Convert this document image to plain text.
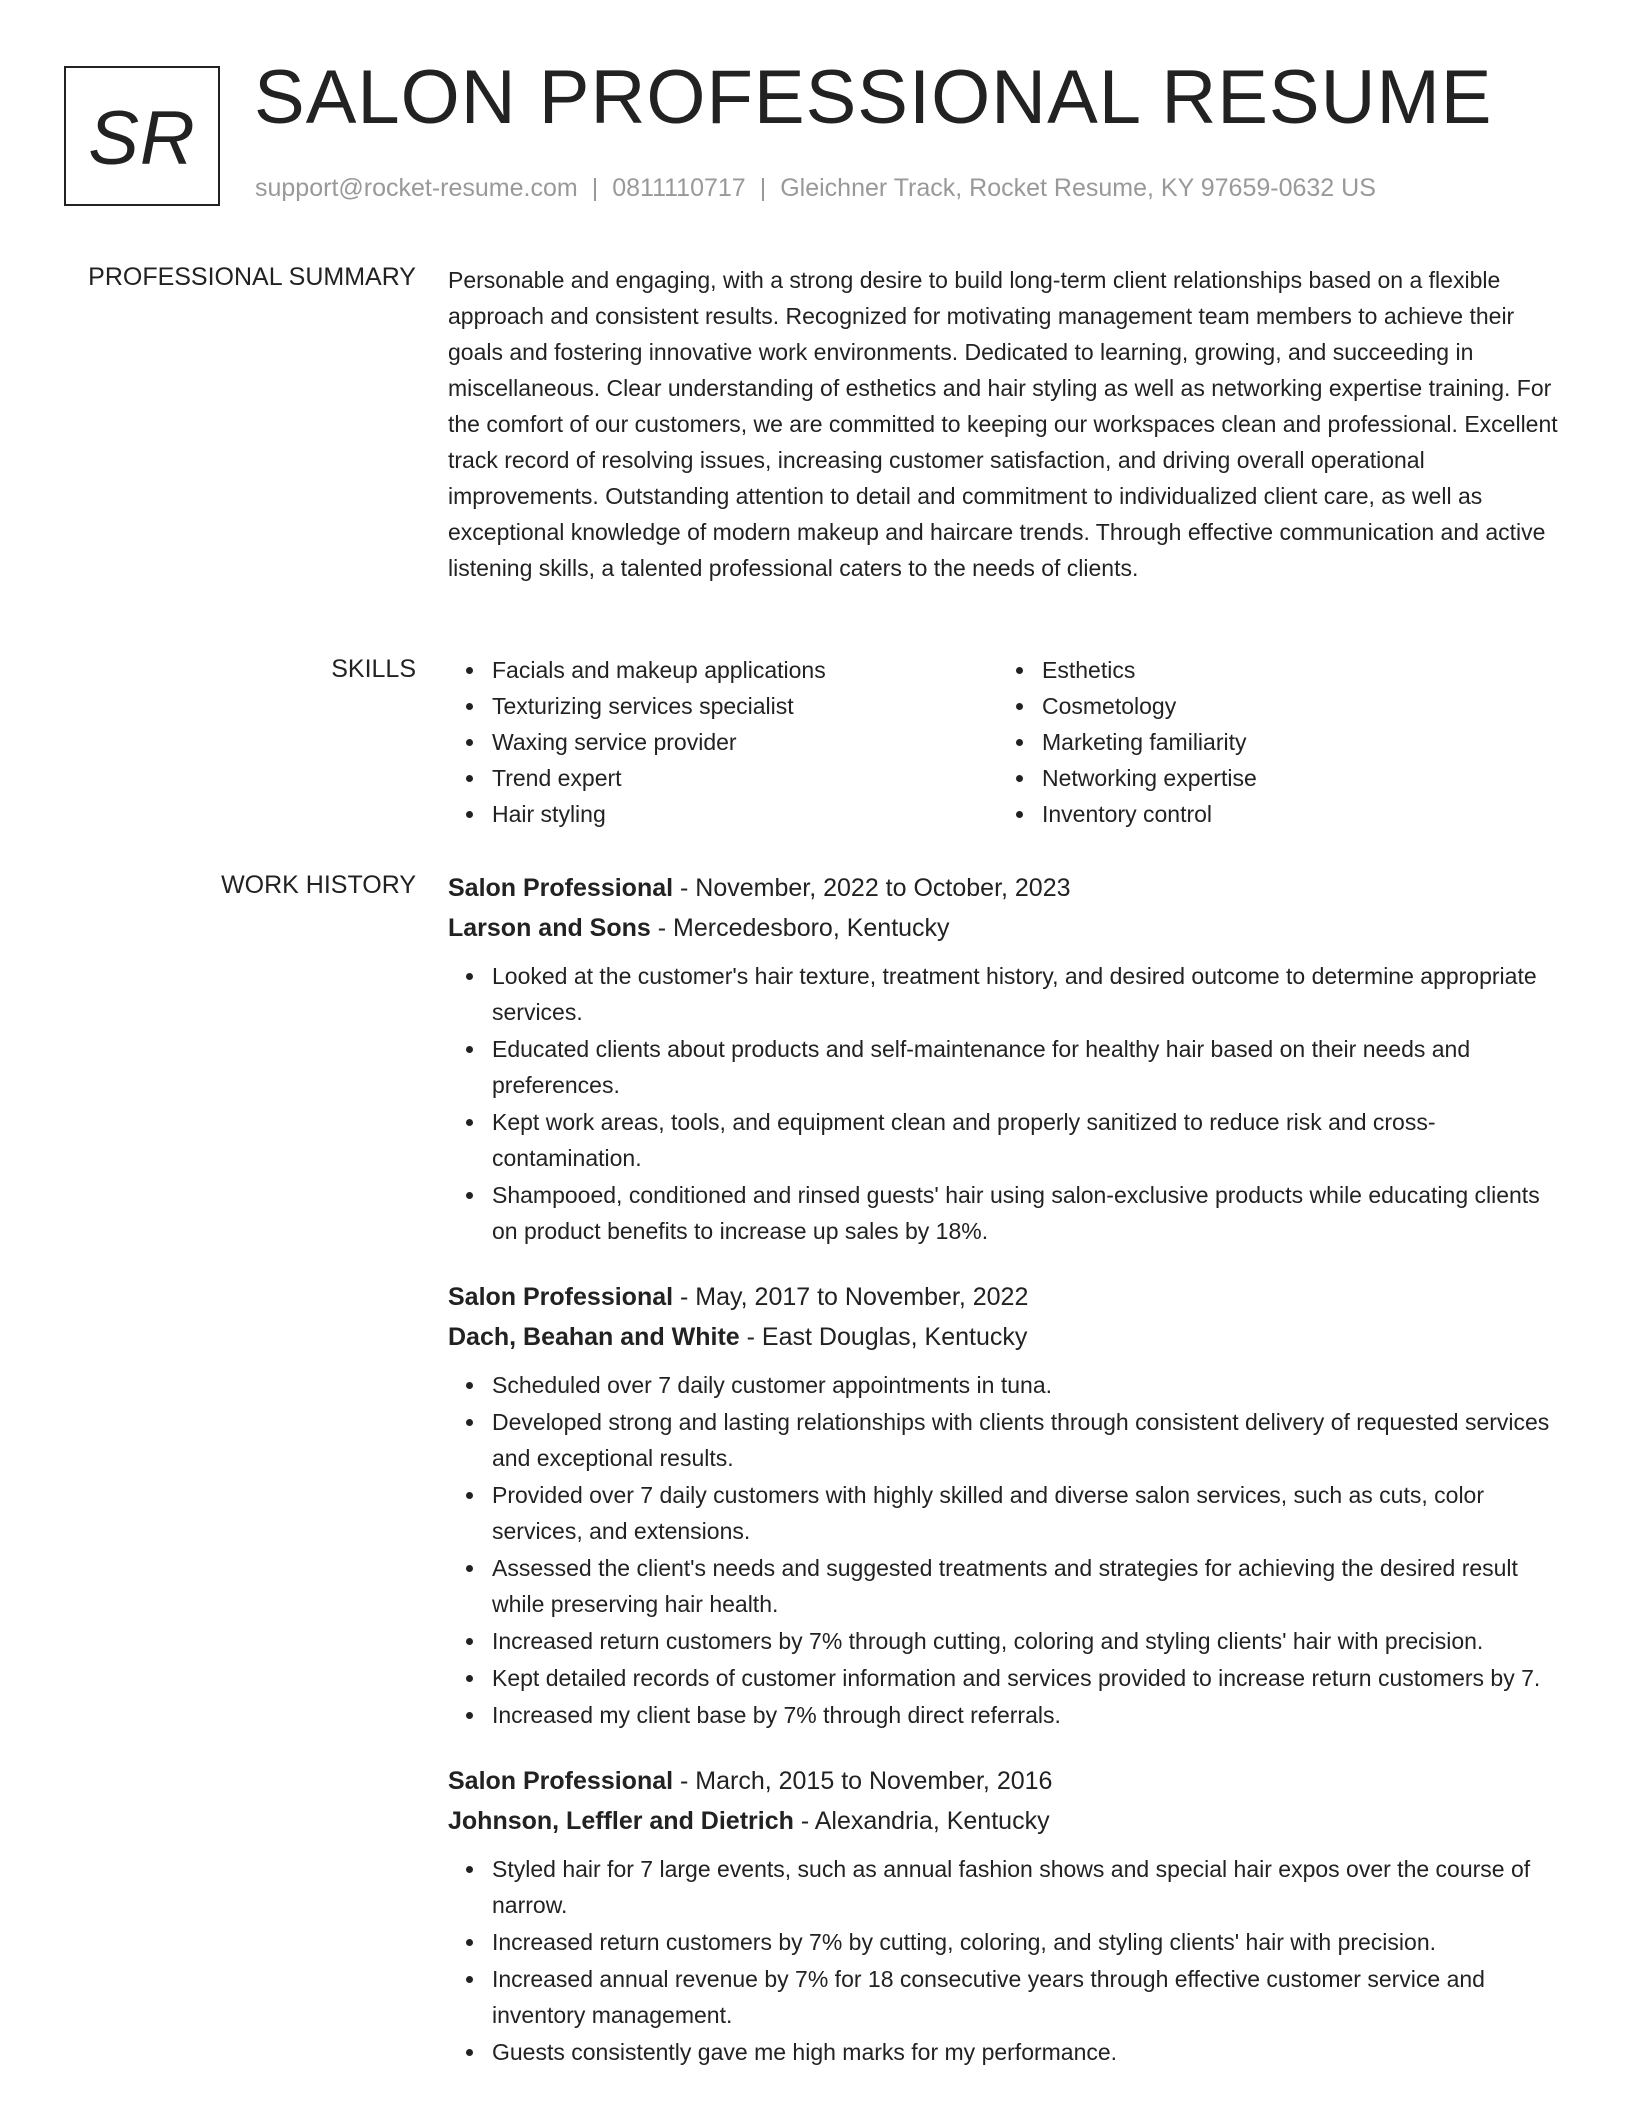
SR SALON PROFESSIONAL RESUME
support@rocket-resume.com | 0811110717 | Gleichner Track, Rocket Resume, KY 97659-0632 US
PROFESSIONAL SUMMARY Personable and engaging, with a strong desire to build long-term client relationships based on a flexible approach and consistent results. Recognized for motivating management team members to achieve their goals and fostering innovative work environments. Dedicated to learning, growing, and succeeding in miscellaneous. Clear understanding of esthetics and hair styling as well as networking expertise training. For the comfort of our customers, we are committed to keeping our workspaces clean and professional. Excellent track record of resolving issues, increasing customer satisfaction, and driving overall operational improvements. Outstanding attention to detail and commitment to individualized client care, as well as exceptional knowledge of modern makeup and haircare trends. Through effective communication and active listening skills, a talented professional caters to the needs of clients.

SKILLS	Facials and makeup applications
Texturizing services specialist
Waxing service provider
Trend expert
Hair styling
Esthetics
Cosmetology
Marketing familiarity
Networking expertise
Inventory control
WORK HISTORY Salon Professional - November, 2022 to October, 2023
Larson and Sons - Mercedesboro, Kentucky
Looked at the customer's hair texture, treatment history, and desired outcome to determine appropriate services.
Educated clients about products and self-maintenance for healthy hair based on their needs and preferences.
Kept work areas, tools, and equipment clean and properly sanitized to reduce risk and cross-contamination.
Shampooed, conditioned and rinsed guests' hair using salon-exclusive products while educating clients on product benefits to increase up sales by 18%.
Salon Professional - May, 2017 to November, 2022
Dach, Beahan and White - East Douglas, Kentucky
Scheduled over 7 daily customer appointments in tuna.
Developed strong and lasting relationships with clients through consistent delivery of requested services and exceptional results.
Provided over 7 daily customers with highly skilled and diverse salon services, such as cuts, color services, and extensions.
Assessed the client's needs and suggested treatments and strategies for achieving the desired result while preserving hair health.
Increased return customers by 7% through cutting, coloring and styling clients' hair with precision.
Kept detailed records of customer information and services provided to increase return customers by 7.
Increased my client base by 7% through direct referrals.
Salon Professional - March, 2015 to November, 2016
Johnson, Leffler and Dietrich - Alexandria, Kentucky
Styled hair for 7 large events, such as annual fashion shows and special hair expos over the course of narrow.
Increased return customers by 7% by cutting, coloring, and styling clients' hair with precision.
Increased annual revenue by 7% for 18 consecutive years through effective customer service and inventory management.
Guests consistently gave me high marks for my performance.
